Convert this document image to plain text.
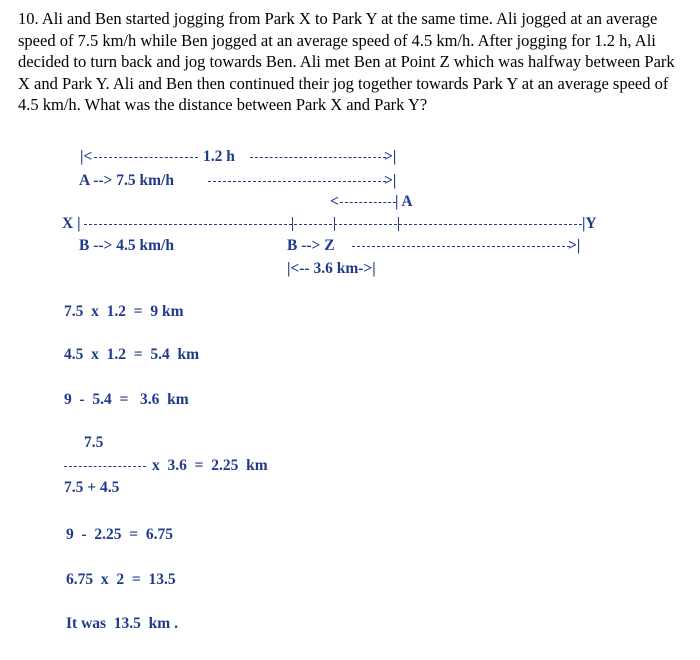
10. Ali and Ben started jogging from Park X to Park Y at the same time. Ali jogged at an average speed of 7.5 km/h while Ben jogged at an average speed of 4.5 km/h. After jogging for 1.2 h, Ali decided to turn back and jog towards Ben. Ali met Ben at Point Z which was halfway between Park X and Park Y. Ali and Ben then continued their jog together towards Park Y at an average speed of 4.5 km/h. What was the distance between Park X and Park Y?

|<	1.2 h	>|
A --> 7.5 km/h	>|
<	| A
X |	|Y
B --> 4.5 km/h	B --> Z	>|
|<-- 3.6 km->|
7.5  x  1.2  =  9 km
4.5  x  1.2  =  5.4  km
9  -  5.4  =   3.6  km
7.5
x  3.6  =  2.25  km
7.5 + 4.5
9  -  2.25  =  6.75
6.75  x  2  =  13.5
It was  13.5  km .
